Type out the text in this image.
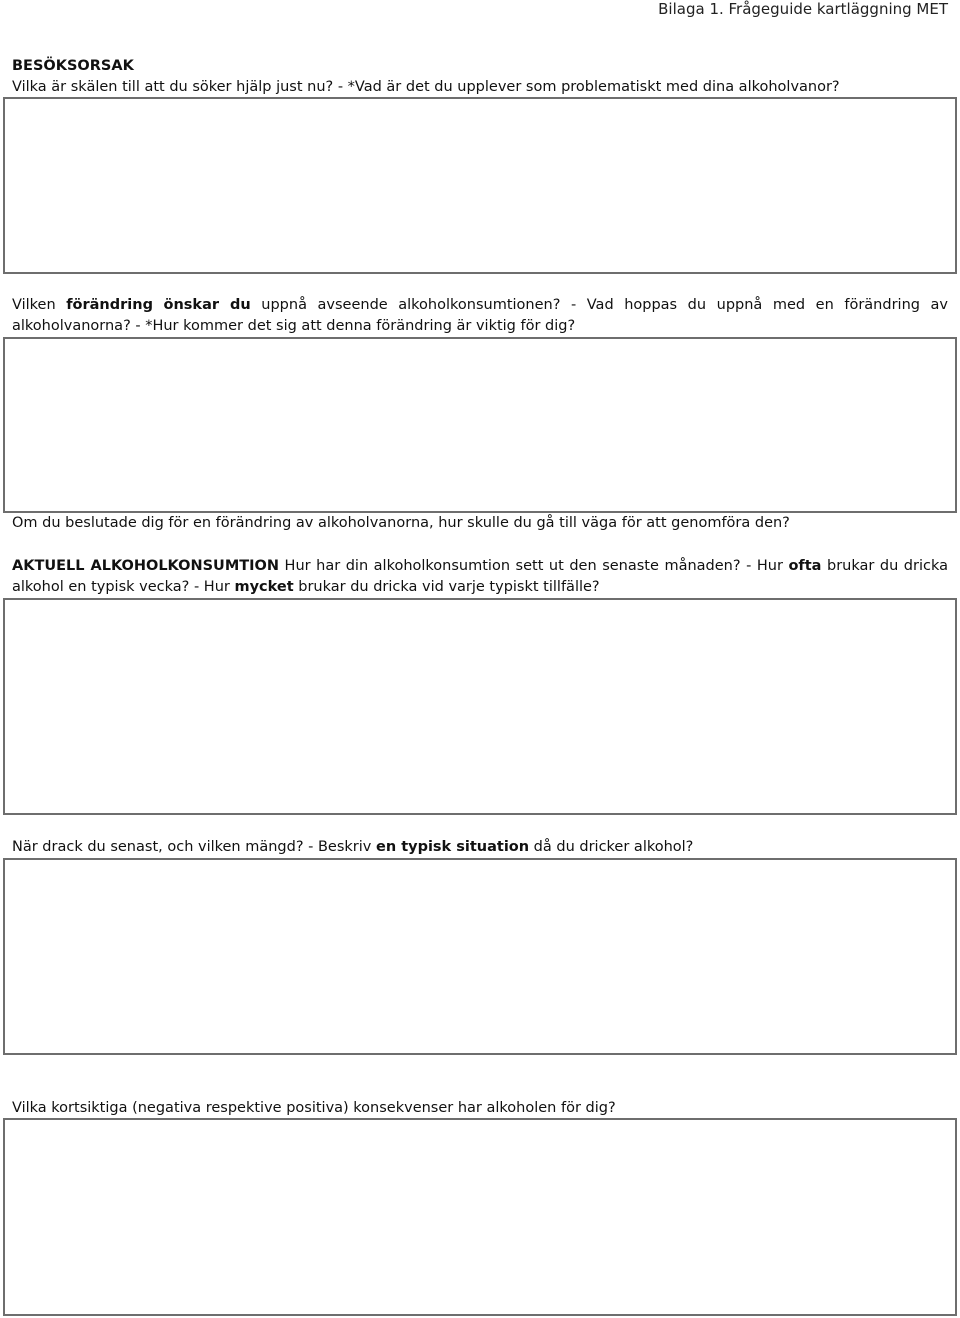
Bilaga 1. Frågeguide kartläggning MET
BESÖKSORSAK
Vilka är skälen till att du söker hjälp just nu? - *Vad är det du upplever som problematiskt med dina alkoholvanor?
Vilken förändring önskar du uppnå avseende alkoholkonsumtionen? - Vad hoppas du uppnå med en förändring av alkoholvanorna? - *Hur kommer det sig att denna förändring är viktig för dig?
Om du beslutade dig för en förändring av alkoholvanorna, hur skulle du gå till väga för att genomföra den?
AKTUELL ALKOHOLKONSUMTION Hur har din alkoholkonsumtion sett ut den senaste månaden? - Hur ofta brukar du dricka alkohol en typisk vecka? - Hur mycket brukar du dricka vid varje typiskt tillfälle?
När drack du senast, och vilken mängd? - Beskriv en typisk situation då du dricker alkohol?
Vilka kortsiktiga (negativa respektive positiva) konsekvenser har alkoholen för dig?
